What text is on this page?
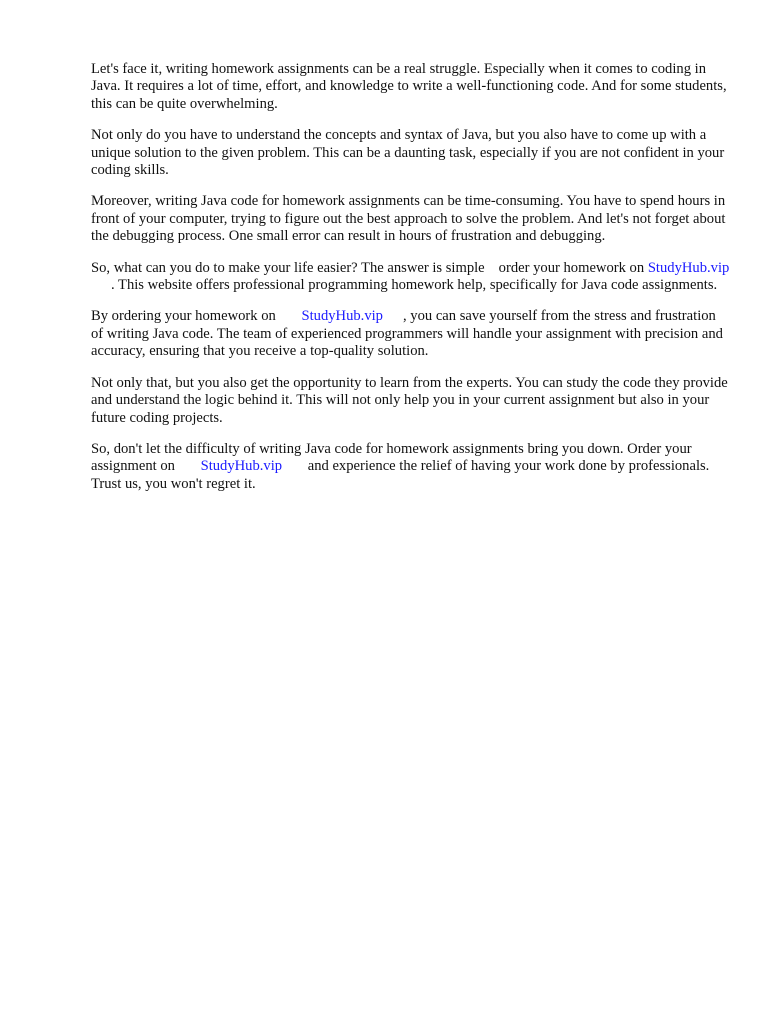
Let's face it, writing homework assignments can be a real struggle. Especially when it comes to coding in Java. It requires a lot of time, effort, and knowledge to write a well-functioning code. And for some students, this can be quite overwhelming.

Not only do you have to understand the concepts and syntax of Java, but you also have to come up with a unique solution to the given problem. This can be a daunting task, especially if you are not confident in your coding skills.

Moreover, writing Java code for homework assignments can be time-consuming. You have to spend hours in front of your computer, trying to figure out the best approach to solve the problem. And let's not forget about the debugging process. One small error can result in hours of frustration and debugging.

So, what can you do to make your life easier? The answer is simple order your homework on StudyHub.vip. This website offers professional programming homework help, specifically for Java code assignments.

By ordering your homework on StudyHub.vip , you can save yourself from the stress and frustration of writing Java code. The team of experienced programmers will handle your assignment with precision and accuracy, ensuring that you receive a top-quality solution.

Not only that, but you also get the opportunity to learn from the experts. You can study the code they provide and understand the logic behind it. This will not only help you in your current assignment but also in your future coding projects.

So, don't let the difficulty of writing Java code for homework assignments bring you down. Order your assignment on StudyHub.vip and experience the relief of having your work done by professionals. Trust us, you won't regret it.
